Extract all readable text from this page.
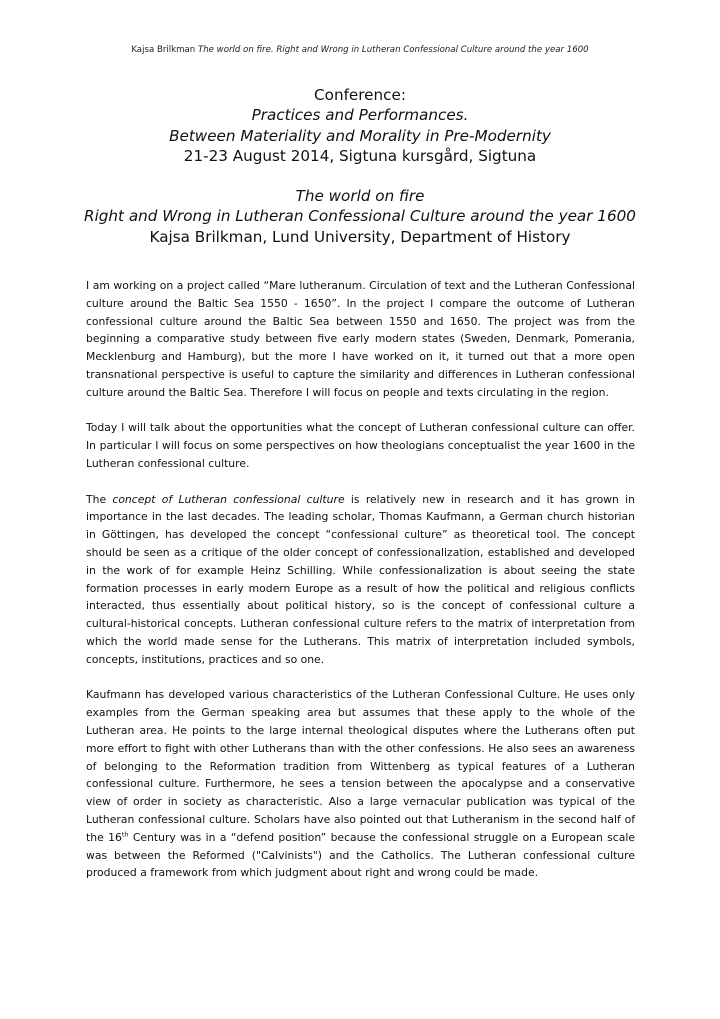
Kajsa Brilkman The world on fire. Right and Wrong in Lutheran Confessional Culture around the year 1600
Conference:
Practices and Performances.
Between Materiality and Morality in Pre-Modernity
21-23 August 2014, Sigtuna kursgård, Sigtuna
The world on fire
Right and Wrong in Lutheran Confessional Culture around the year 1600
Kajsa Brilkman, Lund University, Department of History

I am working on a project called “Mare lutheranum. Circulation of text and the Lutheran Confessional culture around the Baltic Sea 1550 - 1650”. In the project I compare the outcome of Lutheran confessional culture around the Baltic Sea between 1550 and 1650. The project was from the beginning a comparative study between five early modern states (Sweden, Denmark, Pomerania, Mecklenburg and Hamburg), but the more I have worked on it, it turned out that a more open transnational perspective is useful to capture the similarity and differences in Lutheran confessional culture around the Baltic Sea. Therefore I will focus on people and texts circulating in the region.

Today I will talk about the opportunities what the concept of Lutheran confessional culture can offer. In particular I will focus on some perspectives on how theologians conceptualist the year 1600 in the Lutheran confessional culture.

The concept of Lutheran confessional culture is relatively new in research and it has grown in importance in the last decades. The leading scholar, Thomas Kaufmann, a German church historian in Göttingen, has developed the concept “confessional culture” as theoretical tool. The concept should be seen as a critique of the older concept of confessionalization, established and developed in the work of for example Heinz Schilling. While confessionalization is about seeing the state formation processes in early modern Europe as a result of how the political and religious conflicts interacted, thus essentially about political history, so is the concept of confessional culture a cultural-historical concepts. Lutheran confessional culture refers to the matrix of interpretation from which the world made sense for the Lutherans. This matrix of interpretation included symbols, concepts, institutions, practices and so one.

Kaufmann has developed various characteristics of the Lutheran Confessional Culture. He uses only examples from the German speaking area but assumes that these apply to the whole of the Lutheran area. He points to the large internal theological disputes where the Lutherans often put more effort to fight with other Lutherans than with the other confessions. He also sees an awareness of belonging to the Reformation tradition from Wittenberg as typical features of a Lutheran confessional culture. Furthermore, he sees a tension between the apocalypse and a conservative view of order in society as characteristic. Also a large vernacular publication was typical of the Lutheran confessional culture. Scholars have also pointed out that Lutheranism in the second half of the 16th Century was in a “defend position” because the confessional struggle on a European scale was between the Reformed ("Calvinists") and the Catholics. The Lutheran confessional culture produced a framework from which judgment about right and wrong could be made.
